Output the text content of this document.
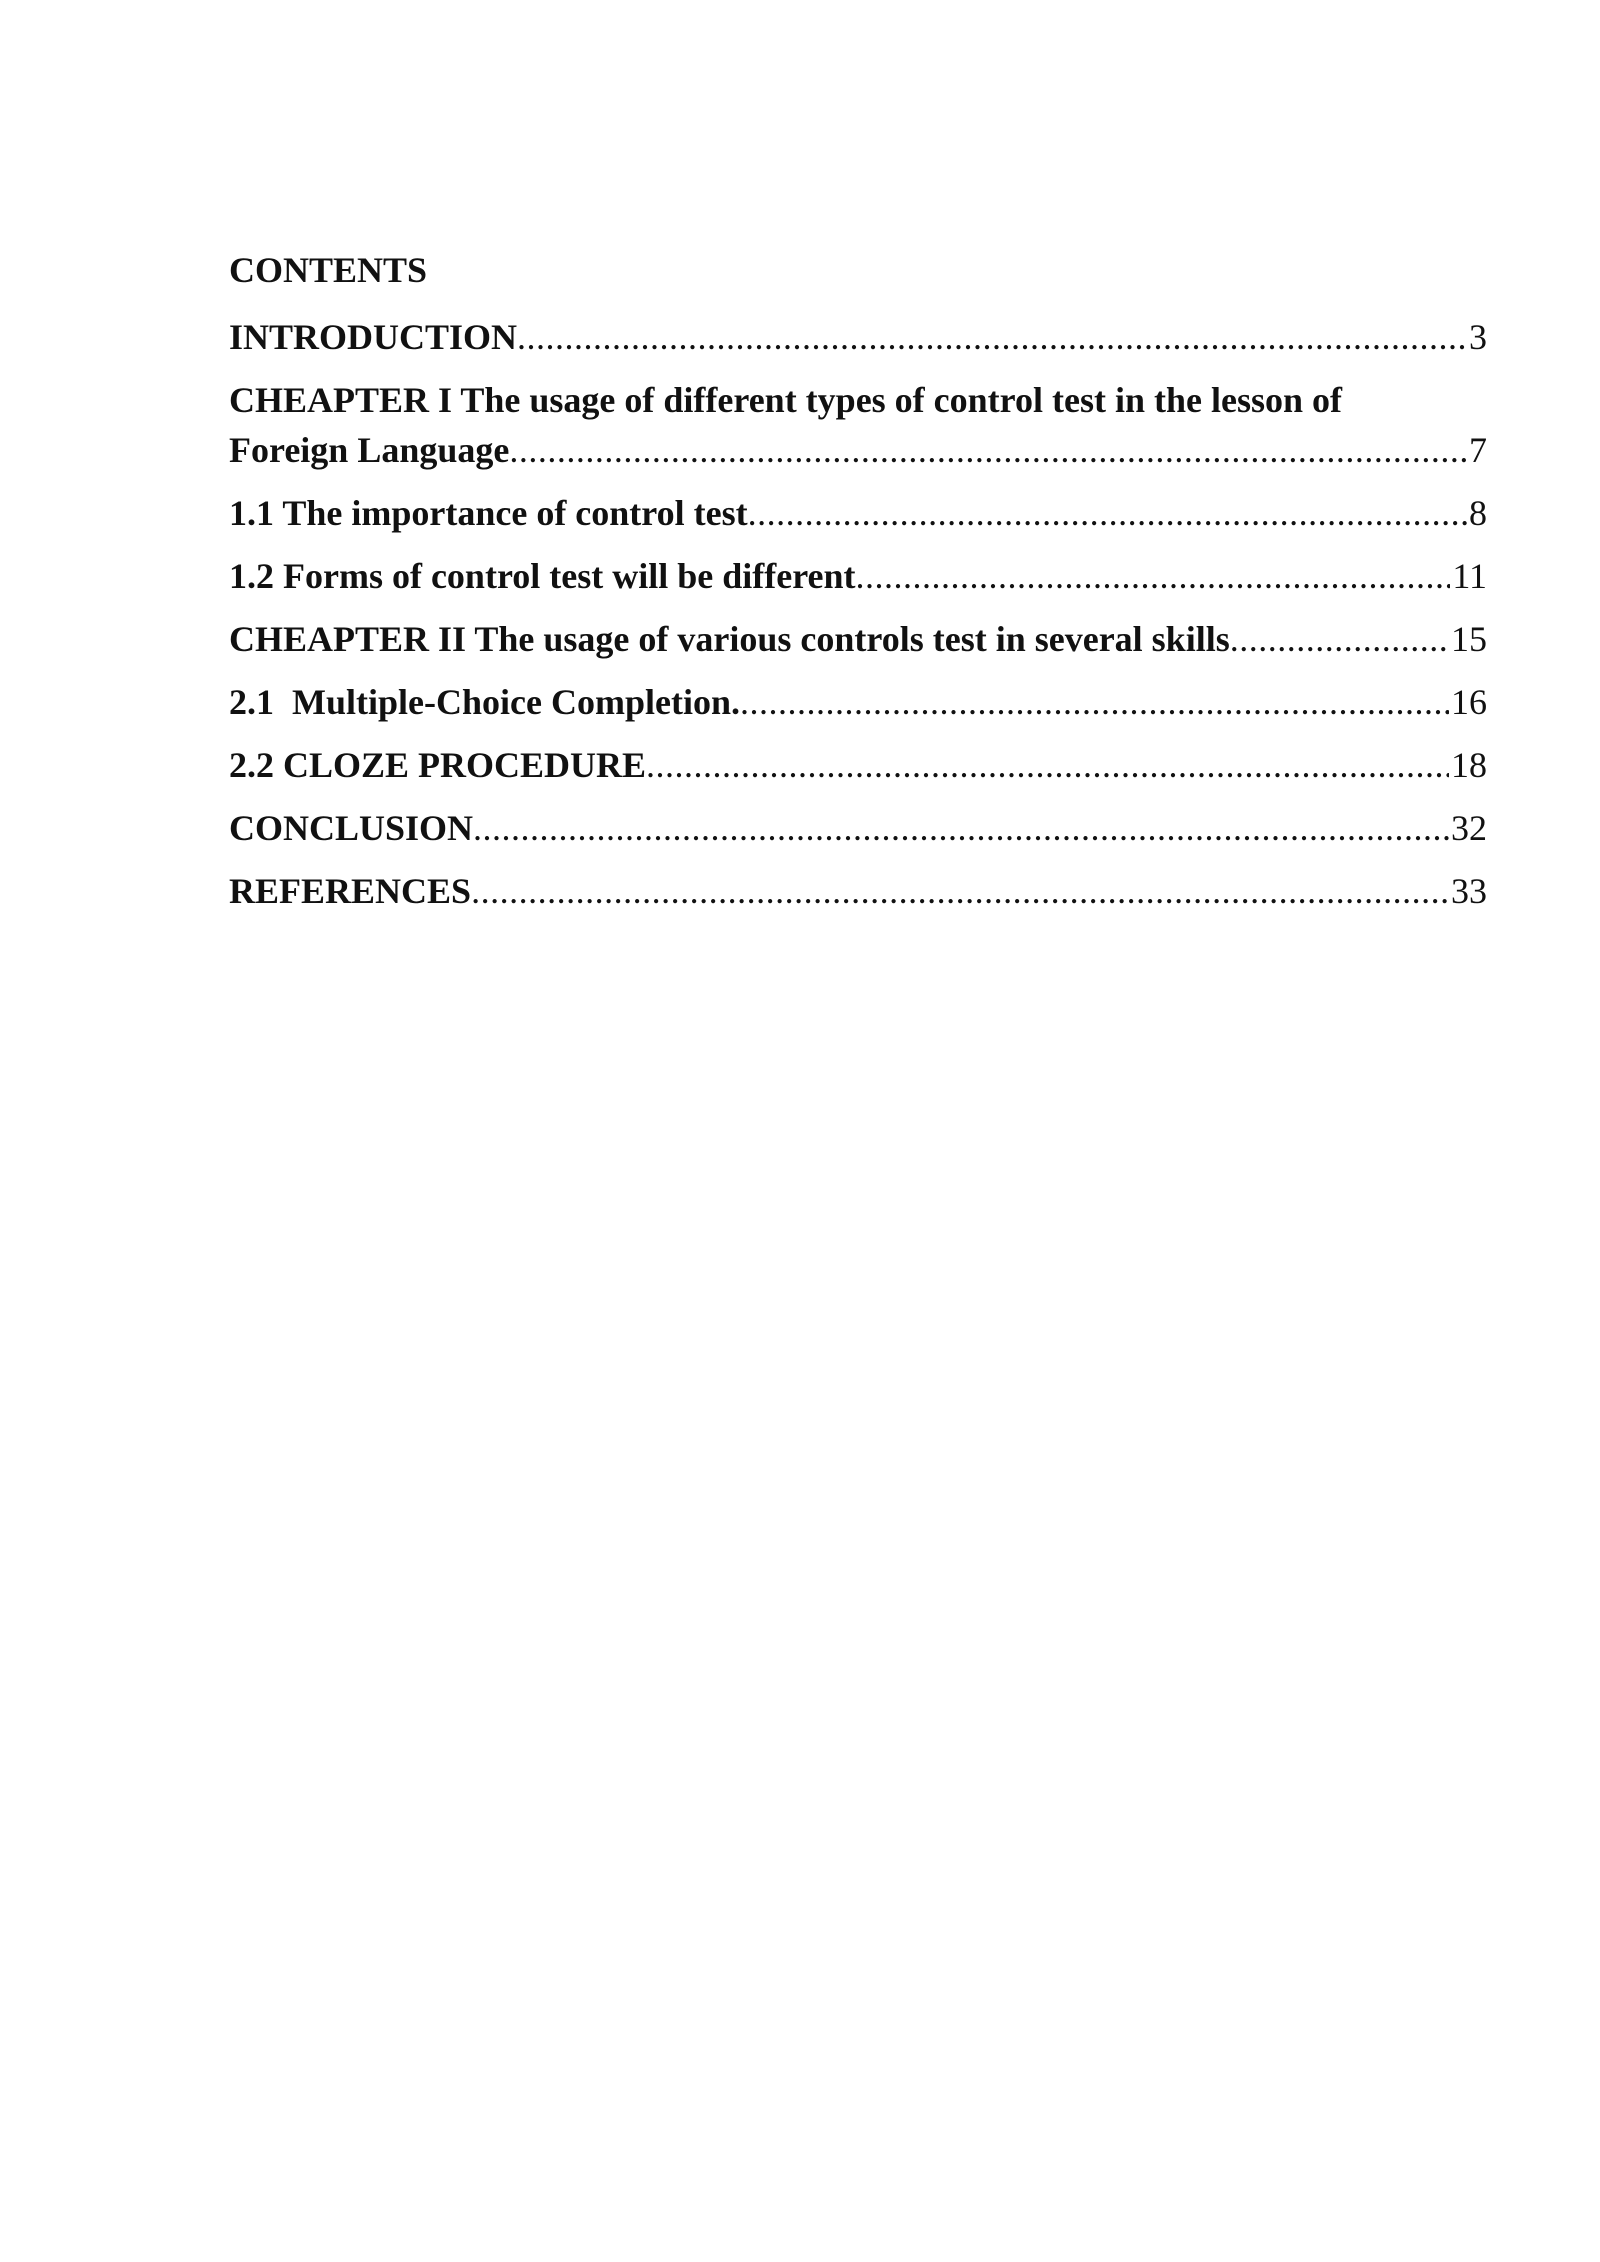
CONTENTS
INTRODUCTION .....	3
CHEAPTER I The usage of different types of control test in the lesson of
Foreign Language .....	7
1.1 The importance of control test .....	8
1.2 Forms of control test will be different .....	11
CHEAPTER II The usage of various controls test in several skills .....	15
2.1  Multiple-Choice Completion. .....	16
2.2 CLOZE PROCEDURE .....	18
CONCLUSION .....	32
REFERENCES .....	33
